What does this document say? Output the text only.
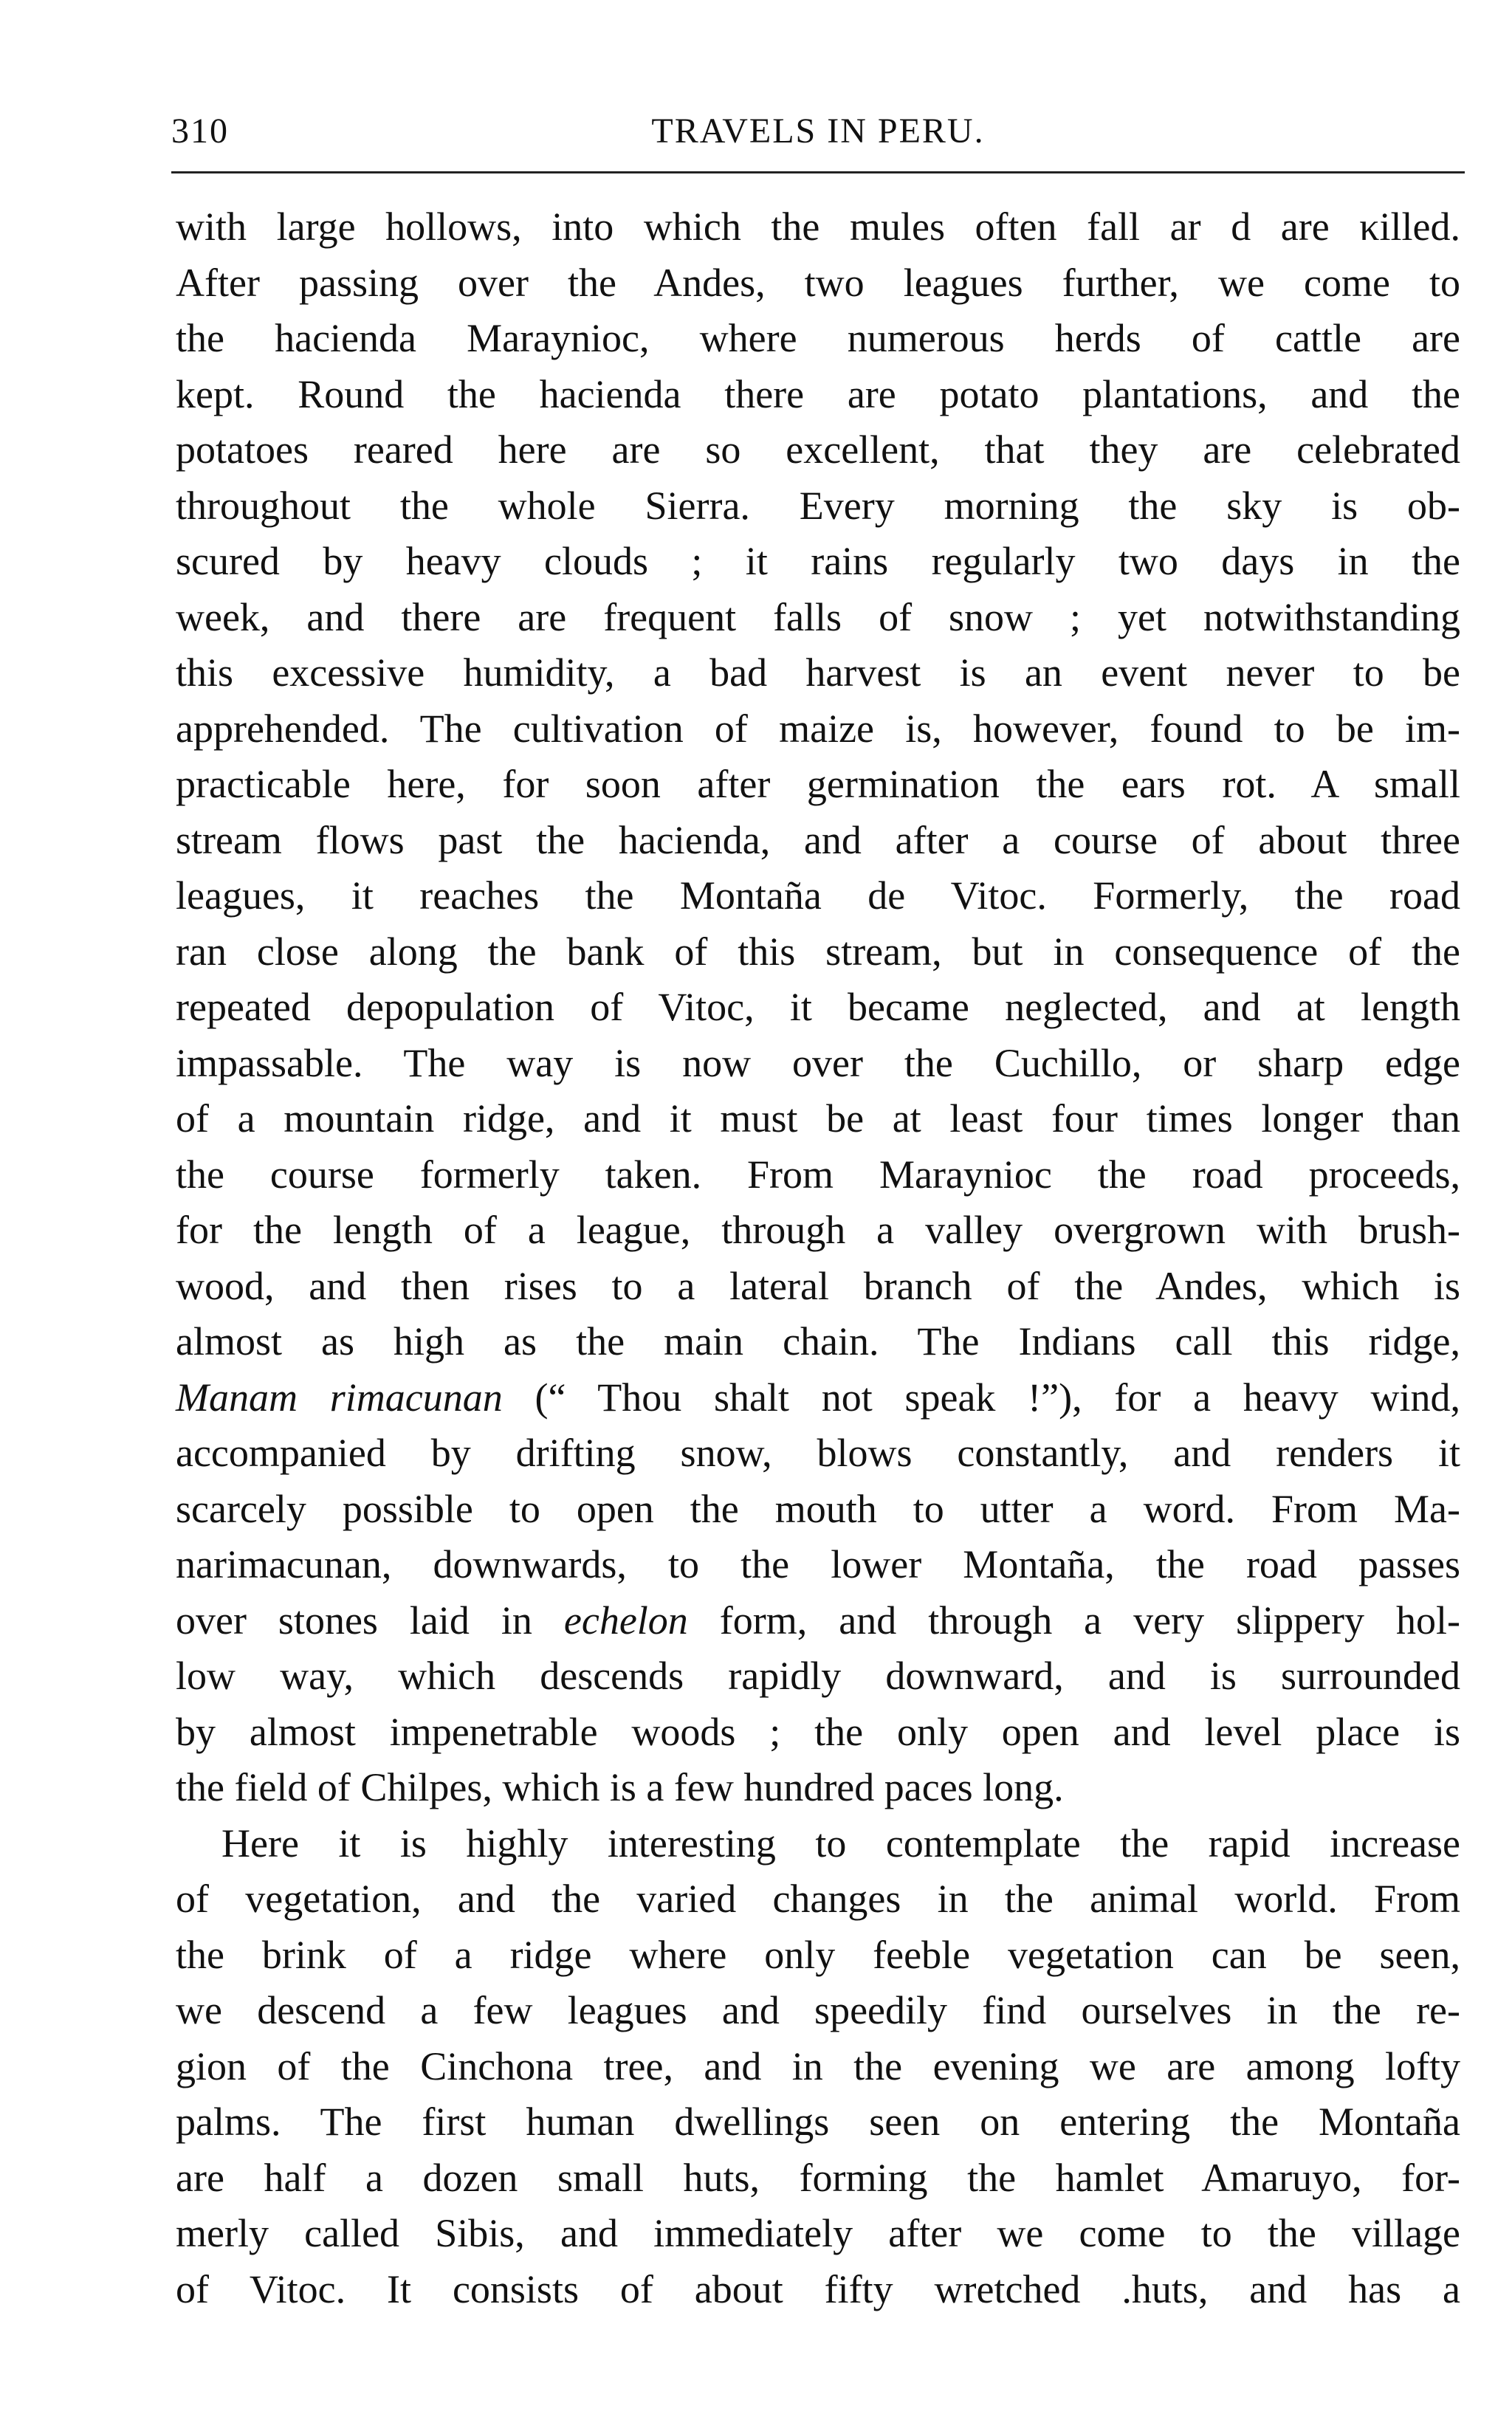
310	TRAVELS IN PERU.
with large hollows, into which the mules often fall ar d are κilled.
After passing over the Andes, two leagues further, we come to
the hacienda Maraynioc, where numerous herds of cattle are
kept. Round the hacienda there are potato plantations, and the
potatoes reared here are so excellent, that they are celebrated
throughout the whole Sierra. Every morning the sky is ob-
scured by heavy clouds ; it rains regularly two days in the
week, and there are frequent falls of snow ; yet notwithstanding
this excessive humidity, a bad harvest is an event never to be
apprehended. The cultivation of maize is, however, found to be im-
practicable here, for soon after germination the ears rot. A small
stream flows past the hacienda, and after a course of about three
leagues, it reaches the Montaña de Vitoc. Formerly, the road
ran close along the bank of this stream, but in consequence of the
repeated depopulation of Vitoc, it became neglected, and at length
impassable. The way is now over the Cuchillo, or sharp edge
of a mountain ridge, and it must be at least four times longer than
the course formerly taken. From Maraynioc the road proceeds,
for the length of a league, through a valley overgrown with brush-
wood, and then rises to a lateral branch of the Andes, which is
almost as high as the main chain. The Indians call this ridge,
Manam rimacunan (“ Thou shalt not speak !”), for a heavy wind,
accompanied by drifting snow, blows constantly, and renders it
scarcely possible to open the mouth to utter a word. From Ma-
narimacunan, downwards, to the lower Montaña, the road passes
over stones laid in echelon form, and through a very slippery hol-
low way, which descends rapidly downward, and is surrounded
by almost impenetrable woods ; the only open and level place is
the field of Chilpes, which is a few hundred paces long.
Here it is highly interesting to contemplate the rapid increase
of vegetation, and the varied changes in the animal world. From
the brink of a ridge where only feeble vegetation can be seen,
we descend a few leagues and speedily find ourselves in the re-
gion of the Cinchona tree, and in the evening we are among lofty
palms. The first human dwellings seen on entering the Montaña
are half a dozen small huts, forming the hamlet Amaruyo, for-
merly called Sibis, and immediately after we come to the village
of Vitoc. It consists of about fifty wretched .huts, and has a
